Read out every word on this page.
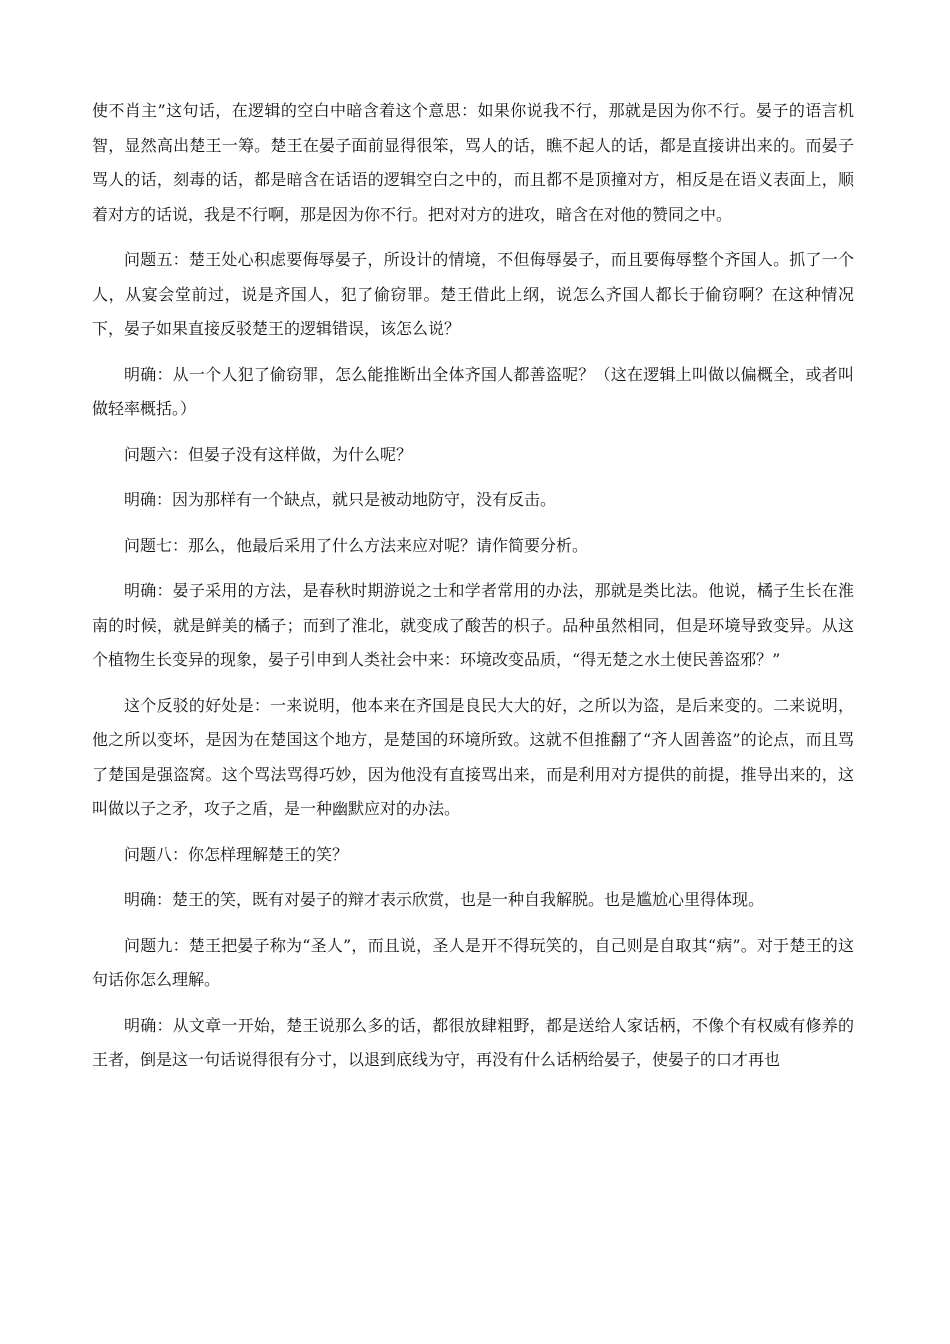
使不肖主”这句话，在逻辑的空白中暗含着这个意思：如果你说我不行，那就是因为你不行。晏子的语言机智，显然高出楚王一筹。楚王在晏子面前显得很笨，骂人的话，瞧不起人的话，都是直接讲出来的。而晏子骂人的话，刻毒的话，都是暗含在话语的逻辑空白之中的，而且都不是顶撞对方，相反是在语义表面上，顺着对方的话说，我是不行啊，那是因为你不行。把对对方的进攻，暗含在对他的赞同之中。

问题五：楚王处心积虑要侮辱晏子，所设计的情境，不但侮辱晏子，而且要侮辱整个齐国人。抓了一个人，从宴会堂前过，说是齐国人，犯了偷窃罪。楚王借此上纲，说怎么齐国人都长于偷窃啊？在这种情况下，晏子如果直接反驳楚王的逻辑错误，该怎么说？

明确：从一个人犯了偷窃罪，怎么能推断出全体齐国人都善盗呢？（这在逻辑上叫做以偏概全，或者叫做轻率概括。）

问题六：但晏子没有这样做，为什么呢？

明确：因为那样有一个缺点，就只是被动地防守，没有反击。

问题七：那么，他最后采用了什么方法来应对呢？请作简要分析。

明确：晏子采用的方法，是春秋时期游说之士和学者常用的办法，那就是类比法。他说，橘子生长在淮南的时候，就是鲜美的橘子；而到了淮北，就变成了酸苦的枳子。品种虽然相同，但是环境导致变异。从这个植物生长变异的现象，晏子引申到人类社会中来：环境改变品质，“得无楚之水土使民善盗邪？”

这个反驳的好处是：一来说明，他本来在齐国是良民大大的好，之所以为盗，是后来变的。二来说明，他之所以变坏，是因为在楚国这个地方，是楚国的环境所致。这就不但推翻了“齐人固善盗”的论点，而且骂了楚国是强盗窝。这个骂法骂得巧妙，因为他没有直接骂出来，而是利用对方提供的前提，推导出来的，这叫做以子之矛，攻子之盾，是一种幽默应对的办法。

问题八：你怎样理解楚王的笑？

明确：楚王的笑，既有对晏子的辩才表示欣赏，也是一种自我解脱。也是尴尬心里得体现。

问题九：楚王把晏子称为“圣人”，而且说，圣人是开不得玩笑的，自己则是自取其“病”。对于楚王的这句话你怎么理解。

明确：从文章一开始，楚王说那么多的话，都很放肆粗野，都是送给人家话柄，不像个有权威有修养的王者，倒是这一句话说得很有分寸，以退到底线为守，再没有什么话柄给晏子，使晏子的口才再也
